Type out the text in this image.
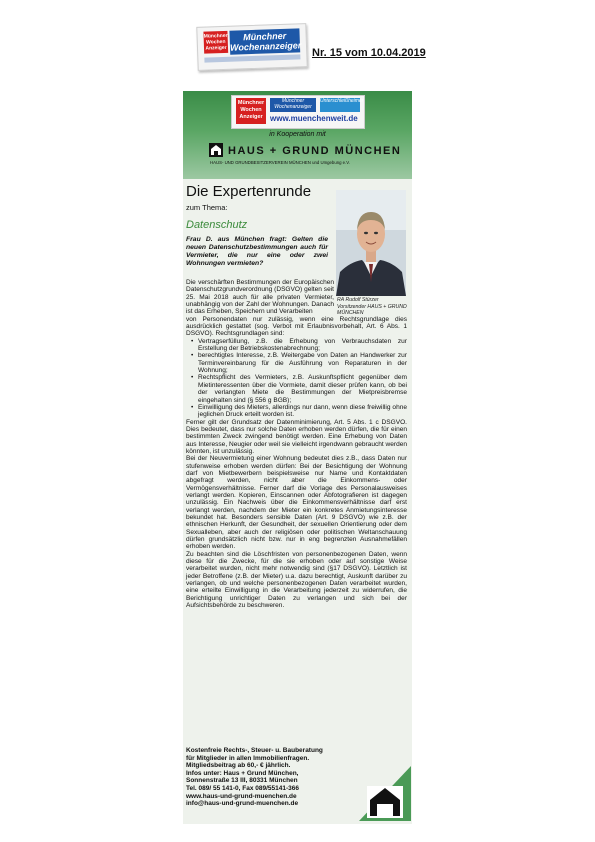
Münchner Wochen Anzeiger
Münchner Wochenanzeiger
Nr. 15 vom 10.04.2019
Münchner Wochen Anzeiger
Münchner Wochenanzeiger
Unterschleißheimer
www.muenchenweit.de
in Kooperation mit
HAUS + GRUND MÜNCHEN
HAUS- UND GRUNDBESITZERVEREIN MÜNCHEN und Umgebung e.V.
Die Expertenrunde
zum Thema:
Datenschutz
Frau D. aus München fragt: Gelten die neuen Datenschutzbestimmungen auch für Vermieter, die nur eine oder zwei Wohnungen vermieten?
RA Rudolf Stürzer Vorsitzender HAUS + GRUND MÜNCHEN

Die verschärften Bestimmungen der Europäischen Datenschutzgrundverordnung (DSGVO) gelten seit 25. Mai 2018 auch für alle privaten Vermieter, unabhängig von der Zahl der Wohnungen. Danach ist das Erheben, Speichern und Verarbeiten

von Personendaten nur zulässig, wenn eine Rechtsgrundlage dies ausdrücklich gestattet (sog. Verbot mit Erlaubnisvorbehalt, Art. 6 Abs. 1 DSGVO). Rechtsgrundlagen sind:

• Vertragserfüllung, z.B. die Erhebung von Verbrauchsdaten zur Erstellung der Betriebskostenabrechnung;
• berechtigtes Interesse, z.B. Weitergabe von Daten an Handwerker zur Terminvereinbarung für die Ausführung von Reparaturen in der Wohnung;
• Rechtspflicht des Vermieters, z.B. Auskunftspflicht gegenüber dem Mietinteressenten über die Vormiete, damit dieser prüfen kann, ob bei der verlangten Miete die Bestimmungen der Mietpreisbremse eingehalten sind (§ 556 g BGB);
• Einwilligung des Mieters, allerdings nur dann, wenn diese freiwillig ohne jeglichen Druck erteilt worden ist.

Ferner gilt der Grundsatz der Datenminimierung, Art. 5 Abs. 1 c DSGVO. Dies bedeutet, dass nur solche Daten erhoben werden dürfen, die für einen bestimmten Zweck zwingend benötigt werden. Eine Erhebung von Daten aus Interesse, Neugier oder weil sie vielleicht irgendwann gebraucht werden könnten, ist unzulässig.

Bei der Neuvermietung einer Wohnung bedeutet dies z.B., dass Daten nur stufenweise erhoben werden dürfen: Bei der Besichtigung der Wohnung darf von Mietbewerbern beispielsweise nur Name und Kontaktdaten abgefragt werden, nicht aber die Einkommens- oder Vermögensverhältnisse. Ferner darf die Vorlage des Personalausweises verlangt werden. Kopieren, Einscannen oder Abfotografieren ist dagegen unzulässig. Ein Nachweis über die Einkommensverhältnisse darf erst verlangt werden, nachdem der Mieter ein konkretes Anmietungsinteresse bekundet hat. Besonders sensible Daten (Art. 9 DSGVO) wie z.B. der ethnischen Herkunft, der Gesundheit, der sexuellen Orientierung oder dem Sexualleben, aber auch der religiösen oder politischen Weltanschauung dürfen grundsätzlich nicht bzw. nur in eng begrenzten Ausnahmefällen erhoben werden.

Zu beachten sind die Löschfristen von personenbezogenen Daten, wenn diese für die Zwecke, für die sie erhoben oder auf sonstige Weise verarbeitet wurden, nicht mehr notwendig sind (§17 DSGVO). Letztlich ist jeder Betroffene (z.B. der Mieter) u.a. dazu berechtigt, Auskunft darüber zu verlangen, ob und welche personenbezogenen Daten verarbeitet wurden, eine erteilte Einwilligung in die Verarbeitung jederzeit zu widerrufen, die Berichtigung unrichtiger Daten zu verlangen und sich bei der Aufsichtsbehörde zu beschweren.

Kostenfreie Rechts-, Steuer- u. Bauberatung
für Mitglieder in allen Immobilienfragen.
Mitgliedsbeitrag ab 60,- € jährlich.
Infos unter: Haus + Grund München,
Sonnenstraße 13 III, 80331 München
Tel. 089/ 55 141-0, Fax 089/55141-366
www.haus-und-grund-muenchen.de
info@haus-und-grund-muenchen.de
